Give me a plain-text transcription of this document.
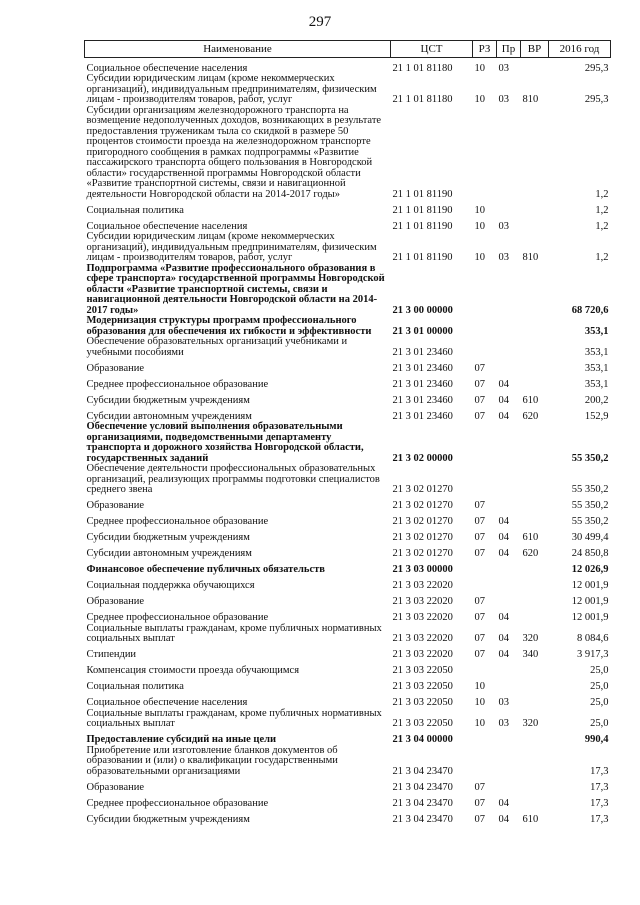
297
Наименование	ЦСТ	РЗ	Пр	ВР	2016 год
Социальное обеспечение населения	21 1 01 81180	10	03		295,3
Субсидии юридическим лицам (кроме некоммерческих организаций), индивидуальным предпринимателям, физическим лицам - производителям товаров, работ, услуг	21 1 01 81180	10	03	810	295,3
Субсидии организациям железнодорожного транспорта на возмещение недополученных доходов, возникающих в результате предоставления труженикам тыла со скидкой в размере 50 процентов стоимости проезда на железнодорожном транспорте пригородного сообщения в рамках подпрограммы «Развитие пассажирского транспорта общего пользования в Новгородской области» государственной программы Новгородской области «Развитие транспортной системы, связи и навигационной деятельности Новгородской области на 2014-2017 годы»	21 1 01 81190				1,2
Социальная политика	21 1 01 81190	10			1,2
Социальное обеспечение населения	21 1 01 81190	10	03		1,2
Субсидии юридическим лицам (кроме некоммерческих организаций), индивидуальным предпринимателям, физическим лицам - производителям товаров, работ, услуг	21 1 01 81190	10	03	810	1,2
Подпрограмма «Развитие профессионального образования в сфере транспорта» государственной программы Новгородской области «Развитие транспортной системы, связи и навигационной деятельности Новгородской области на 2014-2017 годы»	21 3 00 00000				68 720,6
Модернизация структуры программ профессионального образования для обеспечения их гибкости и эффективности	21 3 01 00000				353,1
Обеспечение образовательных организаций учебниками и учебными пособиями	21 3 01 23460				353,1
Образование	21 3 01 23460	07			353,1
Среднее профессиональное образование	21 3 01 23460	07	04		353,1
Субсидии бюджетным учреждениям	21 3 01 23460	07	04	610	200,2
Субсидии автономным учреждениям	21 3 01 23460	07	04	620	152,9
Обеспечение условий выполнения образовательными организациями, подведомственными департаменту транспорта и дорожного хозяйства Новгородской области, государственных заданий	21 3 02 00000				55 350,2
Обеспечение деятельности профессиональных образовательных организаций, реализующих программы подготовки специалистов среднего звена	21 3 02 01270				55 350,2
Образование	21 3 02 01270	07			55 350,2
Среднее профессиональное образование	21 3 02 01270	07	04		55 350,2
Субсидии бюджетным учреждениям	21 3 02 01270	07	04	610	30 499,4
Субсидии автономным учреждениям	21 3 02 01270	07	04	620	24 850,8
Финансовое обеспечение публичных обязательств	21 3 03 00000				12 026,9
Социальная поддержка обучающихся	21 3 03 22020				12 001,9
Образование	21 3 03 22020	07			12 001,9
Среднее профессиональное образование	21 3 03 22020	07	04		12 001,9
Социальные выплаты гражданам, кроме публичных нормативных социальных выплат	21 3 03 22020	07	04	320	8 084,6
Стипендии	21 3 03 22020	07	04	340	3 917,3
Компенсация стоимости проезда обучающимся	21 3 03 22050				25,0
Социальная политика	21 3 03 22050	10			25,0
Социальное обеспечение населения	21 3 03 22050	10	03		25,0
Социальные выплаты гражданам, кроме публичных нормативных социальных выплат	21 3 03 22050	10	03	320	25,0
Предоставление субсидий на иные цели	21 3 04 00000				990,4
Приобретение или изготовление бланков документов об образовании и (или) о квалификации государственными образовательными организациями	21 3 04 23470				17,3
Образование	21 3 04 23470	07			17,3
Среднее профессиональное образование	21 3 04 23470	07	04		17,3
Субсидии бюджетным учреждениям	21 3 04 23470	07	04	610	17,3
